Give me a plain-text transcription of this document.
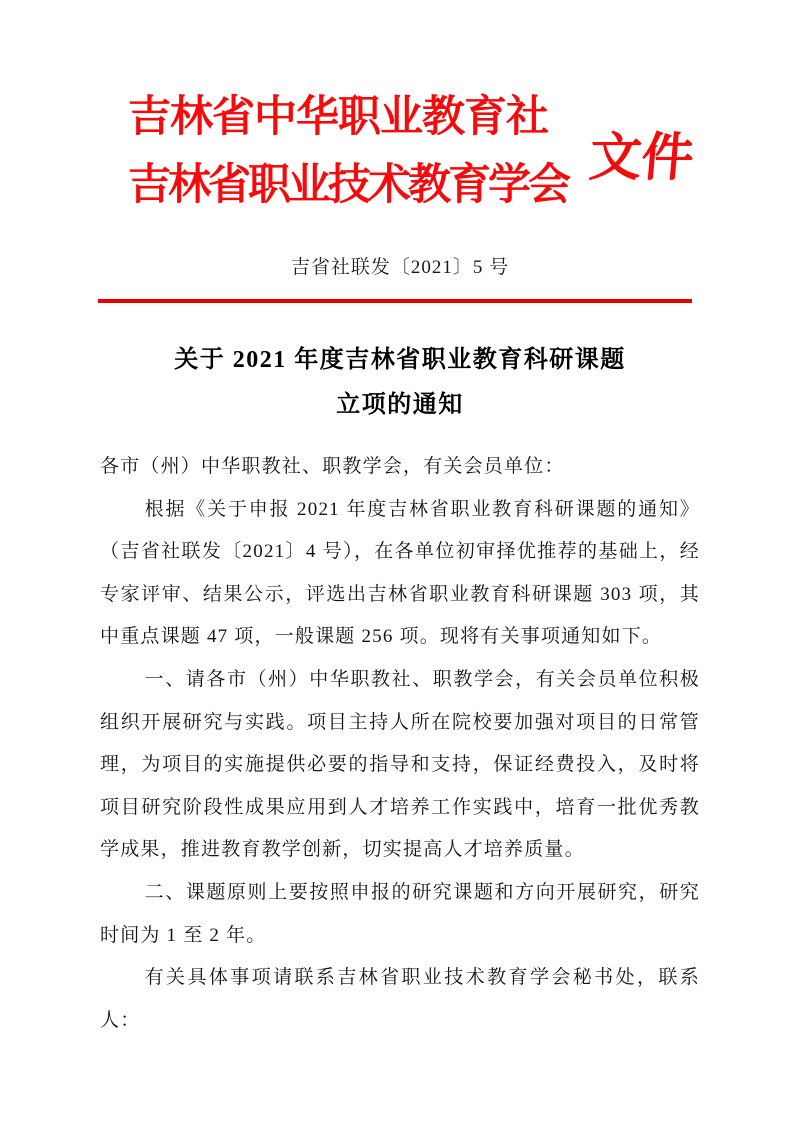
吉林省中华职业教育社
吉林省职业技术教育学会 文件
吉省社联发〔2021〕5 号
关于 2021 年度吉林省职业教育科研课题
立项的通知

各市（州）中华职教社、职教学会，有关会员单位：

根据《关于申报 2021 年度吉林省职业教育科研课题的通知》（吉省社联发〔2021〕4 号），在各单位初审择优推荐的基础上，经专家评审、结果公示，评选出吉林省职业教育科研课题 303 项，其中重点课题 47 项，一般课题 256 项。现将有关事项通知如下。

一、请各市（州）中华职教社、职教学会，有关会员单位积极组织开展研究与实践。项目主持人所在院校要加强对项目的日常管理，为项目的实施提供必要的指导和支持，保证经费投入，及时将项目研究阶段性成果应用到人才培养工作实践中，培育一批优秀教学成果，推进教育教学创新，切实提高人才培养质量。

二、课题原则上要按照申报的研究课题和方向开展研究，研究时间为 1 至 2 年。

有关具体事项请联系吉林省职业技术教育学会秘书处，联系人：
